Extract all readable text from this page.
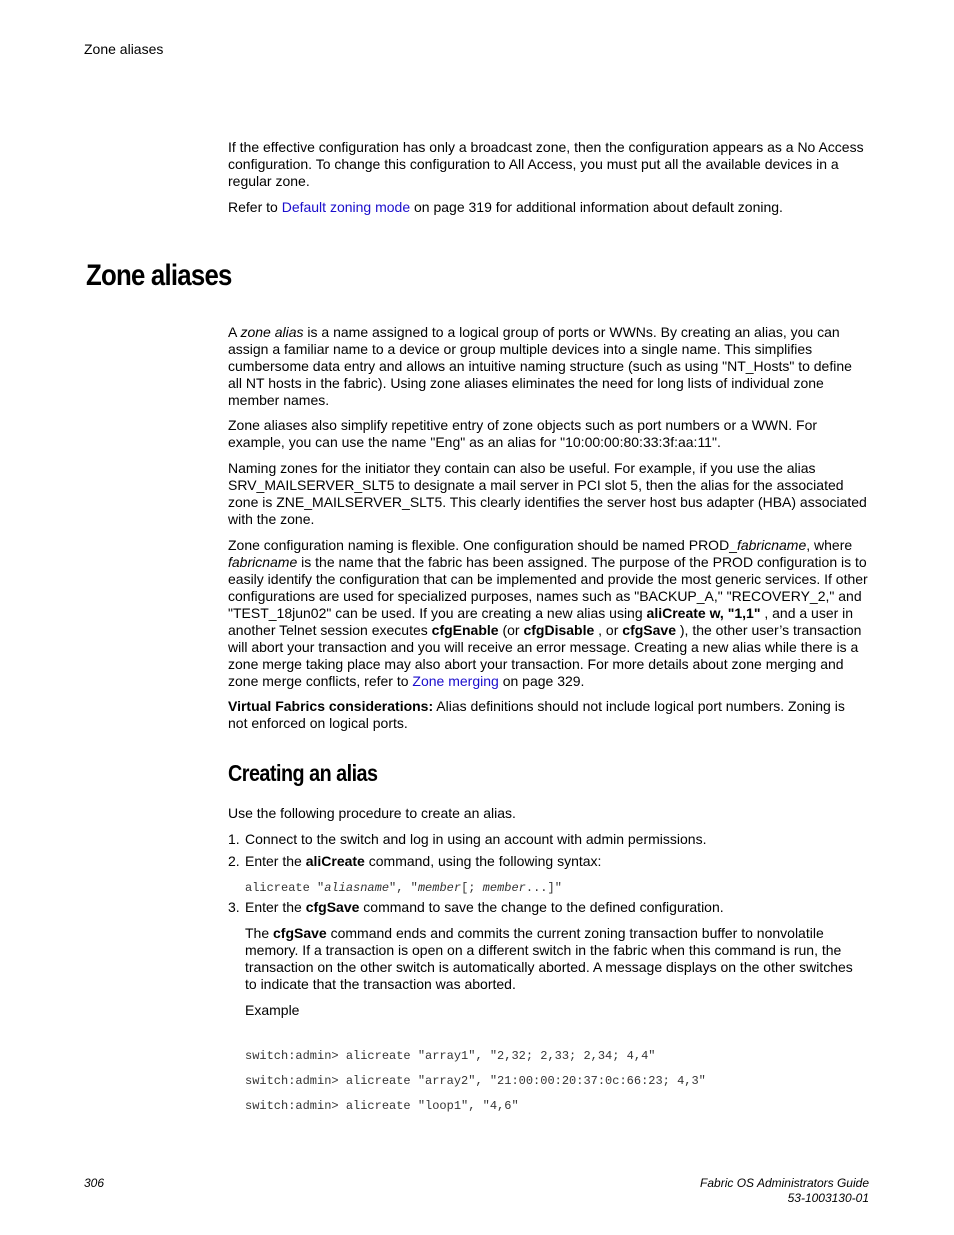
Zone aliases

If the effective configuration has only a broadcast zone, then the configuration appears as a No Access configuration. To change this configuration to All Access, you must put all the available devices in a regular zone.

Refer to Default zoning mode on page 319 for additional information about default zoning.

Zone aliases

A zone alias is a name assigned to a logical group of ports or WWNs. By creating an alias, you can assign a familiar name to a device or group multiple devices into a single name. This simplifies cumbersome data entry and allows an intuitive naming structure (such as using "NT_Hosts" to define all NT hosts in the fabric). Using zone aliases eliminates the need for long lists of individual zone member names.

Zone aliases also simplify repetitive entry of zone objects such as port numbers or a WWN. For example, you can use the name "Eng" as an alias for "10:00:00:80:33:3f:aa:11".

Naming zones for the initiator they contain can also be useful. For example, if you use the alias SRV_MAILSERVER_SLT5 to designate a mail server in PCI slot 5, then the alias for the associated zone is ZNE_MAILSERVER_SLT5. This clearly identifies the server host bus adapter (HBA) associated with the zone.

Zone configuration naming is flexible. One configuration should be named PROD_fabricname, where fabricname is the name that the fabric has been assigned. The purpose of the PROD configuration is to easily identify the configuration that can be implemented and provide the most generic services. If other configurations are used for specialized purposes, names such as "BACKUP_A," "RECOVERY_2," and "TEST_18jun02" can be used. If you are creating a new alias using aliCreate w, "1,1" , and a user in another Telnet session executes cfgEnable (or cfgDisable , or cfgSave ), the other user’s transaction will abort your transaction and you will receive an error message. Creating a new alias while there is a zone merge taking place may also abort your transaction. For more details about zone merging and zone merge conflicts, refer to Zone merging on page 329.

Virtual Fabrics considerations: Alias definitions should not include logical port numbers. Zoning is not enforced on logical ports.

Creating an alias
Use the following procedure to create an alias.
1. Connect to the switch and log in using an account with admin permissions.
2. Enter the aliCreate command, using the following syntax:
alicreate "aliasname", "member[; member...]"
3. Enter the cfgSave command to save the change to the defined configuration.
The cfgSave command ends and commits the current zoning transaction buffer to nonvolatile memory. If a transaction is open on a different switch in the fabric when this command is run, the transaction on the other switch is automatically aborted. A message displays on the other switches to indicate that the transaction was aborted.
Example
switch:admin> alicreate "array1", "2,32; 2,33; 2,34; 4,4"
switch:admin> alicreate "array2", "21:00:00:20:37:0c:66:23; 4,3"
switch:admin> alicreate "loop1", "4,6"
306	Fabric OS Administrators Guide
53-1003130-01
